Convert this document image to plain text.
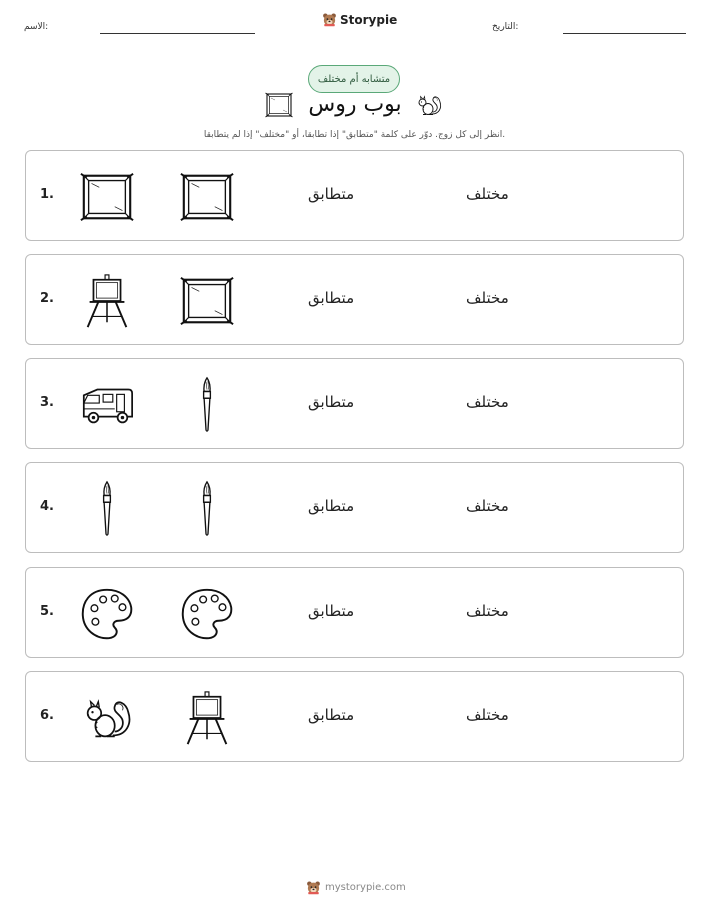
الاسم:
Storypie
التاريخ:
متشابه أم مختلف
بوب روس
انظر إلى كل زوج. دوّر على كلمة "متطابق" إذا تطابقا، أو "مختلف" إذا لم يتطابقا.
1.	متطابق	مختلف
2.	متطابق	مختلف
3.	متطابق	مختلف
4.	متطابق	مختلف
5.	متطابق	مختلف
6.	متطابق	مختلف
mystorypie.com
